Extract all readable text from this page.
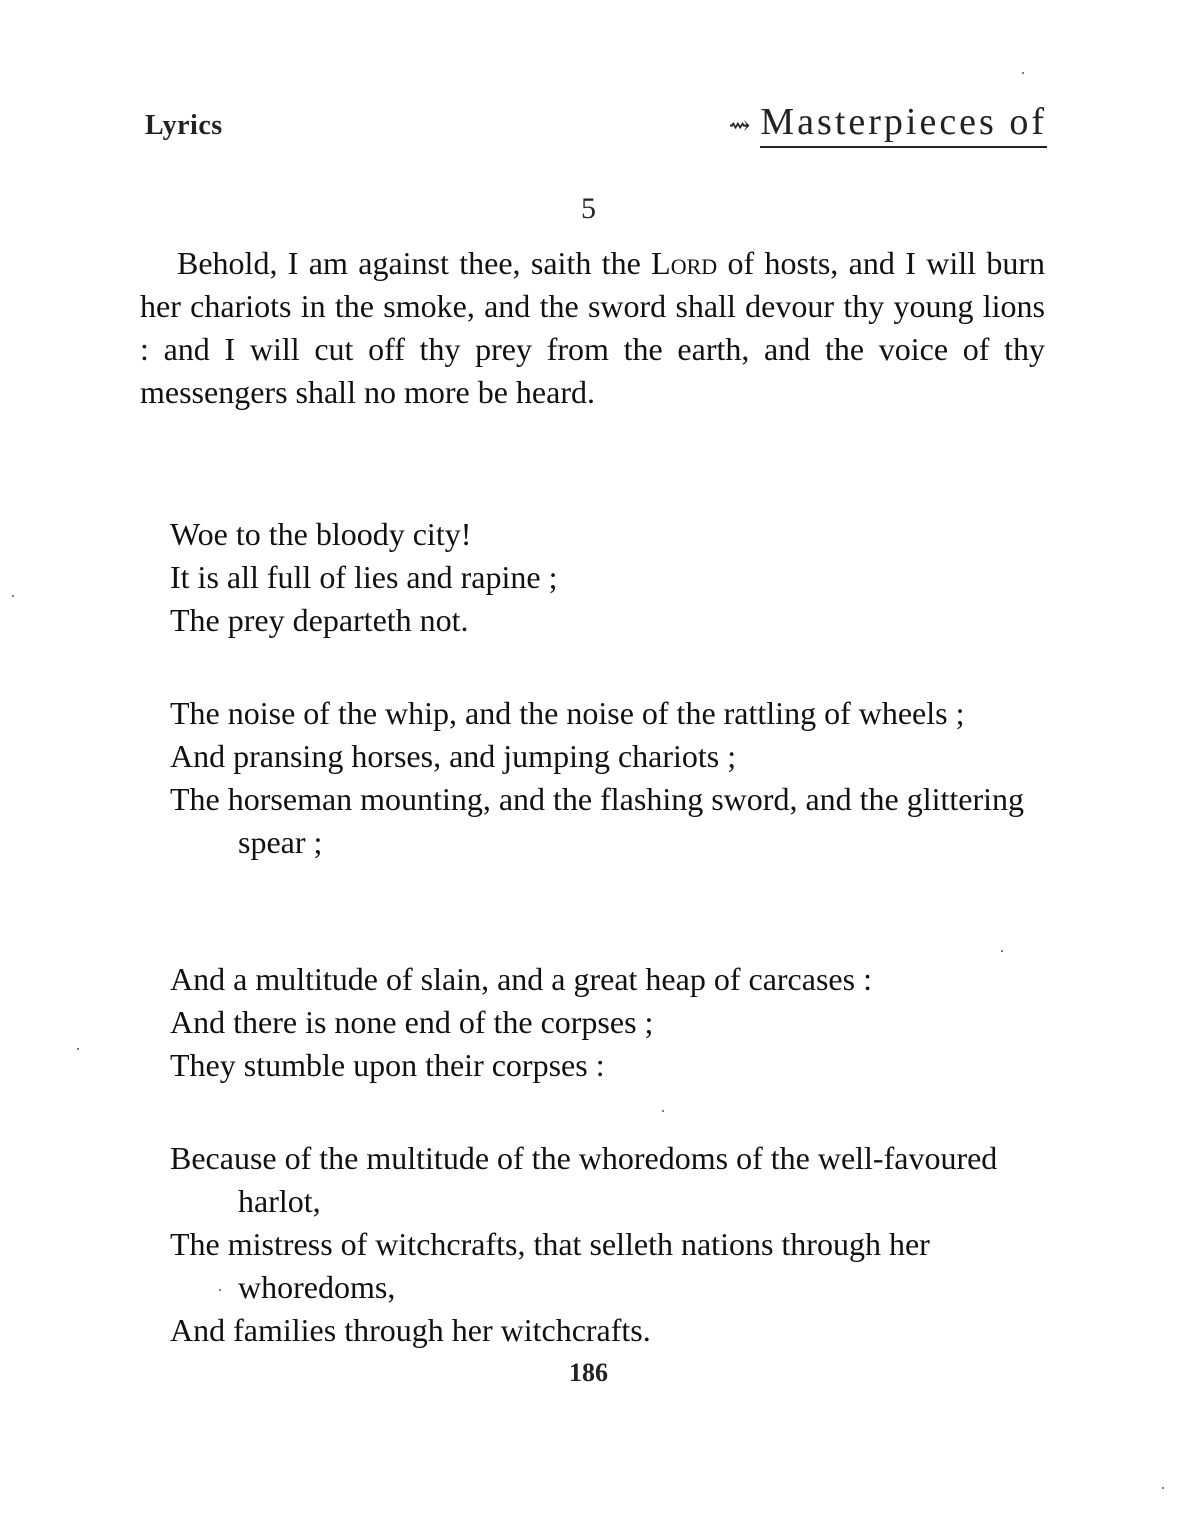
Lyrics	⇝ Masterpieces of
5

Behold, I am against thee, saith the Lord of hosts, and I will burn her chariots in the smoke, and the sword shall devour thy young lions : and I will cut off thy prey from the earth, and the voice of thy messengers shall no more be heard.

Woe to the bloody city!

It is all full of lies and rapine ;

The prey departeth not.

The noise of the whip, and the noise of the rattling of wheels ;

And pransing horses, and jumping chariots ;

The horseman mounting, and the flashing sword, and the glittering spear ;

And a multitude of slain, and a great heap of carcases :

And there is none end of the corpses ;

They stumble upon their corpses :

Because of the multitude of the whoredoms of the well-favoured harlot,

The mistress of witchcrafts, that selleth nations through her whoredoms,

And families through her witchcrafts.

186
